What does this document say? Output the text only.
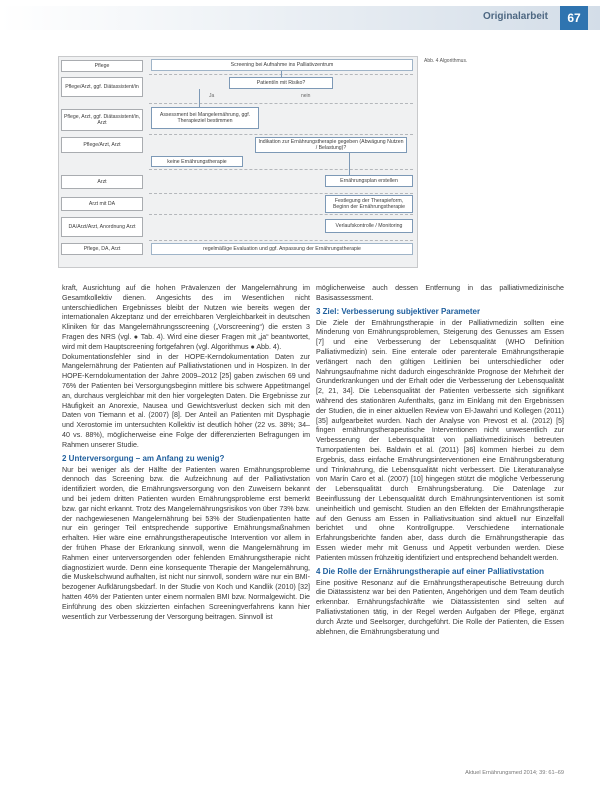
Originalarbeit	67
Pflege
Pflege/Arzt, ggf. Diätassistent/in
Pflege, Arzt, ggf. Diätassistent/in, Arzt
Pflege/Arzt, Arzt
Arzt
Arzt mit DA
DA/Arzt/Arzt, Anordnung Arzt
Pflege, DA, Arzt
Screening bei Aufnahme ins Palliativzentrum
Patient/in mit Risiko?
Ja	nein
Assessment bei Mangelernährung, ggf. Therapieziel bestimmen
Indikation zur Ernährungstherapie gegeben (Abwägung Nutzen / Belastung)?
keine Ernährungstherapie
Ernährungsplan erstellen
Festlegung der Therapieform, Beginn der Ernährungstherapie
Verlaufskontrolle / Monitoring
regelmäßige Evaluation und ggf. Anpassung der Ernährungstherapie
Abb. 4 Algorithmus.

kraft, Ausrichtung auf die hohen Prävalenzen der Mangelernährung im Gesamtkollektiv dienen. Angesichts des im Wesentlichen nicht unterschiedlichen Ergebnisses bleibt der Nutzen wie bereits wegen der internationalen Akzeptanz und der erreichbaren Vergleichbarkeit in deutschen Kliniken für das Mangelernährungsscreening („Vorscreening“) die ersten 3 Fragen des NRS (vgl. ● Tab. 4). Wird eine dieser Fragen mit „ja“ beantwortet, wird mit dem Hauptscreening fortgefahren (vgl. Algorithmus ● Abb. 4).

Dokumentationsfehler sind in der HOPE-Kerndokumentation Daten zur Mangelernährung der Patienten auf Palliativstationen und in Hospizen. In der HOPE-Kerndokumentation der Jahre 2009–2012 [25] gaben zwischen 69 und 76% der Patienten bei Versorgungsbeginn mittlere bis schwere Appetitmangel an, durchaus vergleichbar mit den hier vorgelegten Daten. Die Ergebnisse zur Häufigkeit an Anorexie, Nausea und Gewichtsverlust decken sich mit den Daten von Tiemann et al. (2007) [8]. Der Anteil an Patienten mit Dysphagie und Xerostomie im untersuchten Kollektiv ist deutlich höher (22 vs. 38%; 34–40 vs. 88%), möglicherweise eine Folge der differenzierten Befragungen im Rahmen unserer Studie.

2 Unterversorgung – am Anfang zu wenig?

Nur bei weniger als der Hälfte der Patienten waren Ernährungsprobleme dennoch das Screening bzw. die Aufzeichnung auf der Palliativstation identifiziert worden, die Ernährungsversorgung von den Zuweisern bekannt und bei jedem dritten Patienten wurden Ernährungsprobleme erst bemerkt bzw. gar nicht erkannt. Trotz des Mangelernährungsrisikos von über 73% bzw. der nachgewiesenen Mangelernährung bei 53% der Studienpatienten hatte nur ein geringer Teil entsprechende supportive Ernährungsmaßnahmen erhalten. Hier wäre eine ernährungstherapeutische Intervention vor allem in der frühen Phase der Erkrankung sinnvoll, wenn die Mangelernährung im Rahmen einer unterversorgenden oder fehlenden Ernährungstherapie nicht diagnostiziert wurde. Denn eine konsequente Therapie der Mangelernährung, die Muskelschwund aufhalten, ist nicht nur sinnvoll, sondern wäre nur ein BMI-bezogener Aufklärungsbedarf. In der Studie von Koch und Kandlik (2010) [32] hatten 46% der Patienten unter einem normalen BMI bzw. Normalgewicht. Die Einführung des oben skizzierten einfachen Screeningverfahrens kann hier wesentlich zur Verbesserung der Versorgung beitragen. Sinnvoll ist

möglicherweise auch dessen Entfernung in das palliativmedizinische Basisassessment.

3 Ziel: Verbesserung subjektiver Parameter

Die Ziele der Ernährungstherapie in der Palliativmedizin sollten eine Minderung von Ernährungsproblemen, Steigerung des Genusses am Essen [7] und eine Verbesserung der Lebensqualität (WHO Definition Palliativmedizin) sein. Eine enterale oder parenterale Ernährungstherapie verlängert nach den gültigen Leitlinien bei unterschiedlicher oder Nahrungsaufnahme nicht dadurch eingeschränkte Prognose der Mehrheit der Grunderkrankungen und der Erhalt oder die Verbesserung der Lebensqualität [2, 21, 34]. Die Lebensqualität der Patienten verbesserte sich signifikant während des stationären Aufenthalts, ganz im Einklang mit den Ergebnissen der Studien, die in einer aktuellen Review von El-Jawahri und Kollegen (2011) [35] aufgearbeitet wurden. Nach der Analyse von Prevost et al. (2012) [5] fingen ernährungstherapeutische Interventionen nicht unwesentlich zur Verbesserung der Lebensqualität von palliativmedizinisch betreuten Tumorpatienten bei. Baldwin et al. (2011) [36] kommen hierbei zu dem Ergebnis, dass einfache Ernährungsinterventionen eine Ernährungsberatung und Trinknahrung, die Lebensqualität nicht verbessert. Die Literaturanalyse von Marín Caro et al. (2007) [10] hingegen stützt die mögliche Verbesserung der Lebensqualität durch Ernährungsberatung. Die Datenlage zur Beeinflussung der Lebensqualität durch Ernährungsinterventionen ist somit uneinheitlich und gemischt. Studien an den Effekten der Ernährungstherapie auf den Genuss am Essen in Palliativsituation sind aktuell nur Einzelfall berichtet und ohne Kontrollgruppe. Verschiedene internationale Erfahrungsberichte fanden aber, dass durch die Ernährungstherapie das Essen wieder mehr mit Genuss und Appetit verbunden werden. Diese Patienten müssen frühzeitig identifiziert und entsprechend behandelt werden.

4 Die Rolle der Ernährungstherapie auf einer Palliativstation

Eine positive Resonanz auf die Ernährungstherapeutische Betreuung durch die Diätassistenz war bei den Patienten, Angehörigen und dem Team deutlich erkennbar. Ernährungsfachkräfte wie Diätassistenten sind selten auf Palliativstationen tätig, in der Regel werden Aufgaben der Pflege, ergänzt durch Ärzte und Seelsorger, durchgeführt. Die Rolle der Patienten, die Essen ablehnen, die Ernährungsberatung und

Aktuel Ernährungsmed 2014; 39: 61–69
